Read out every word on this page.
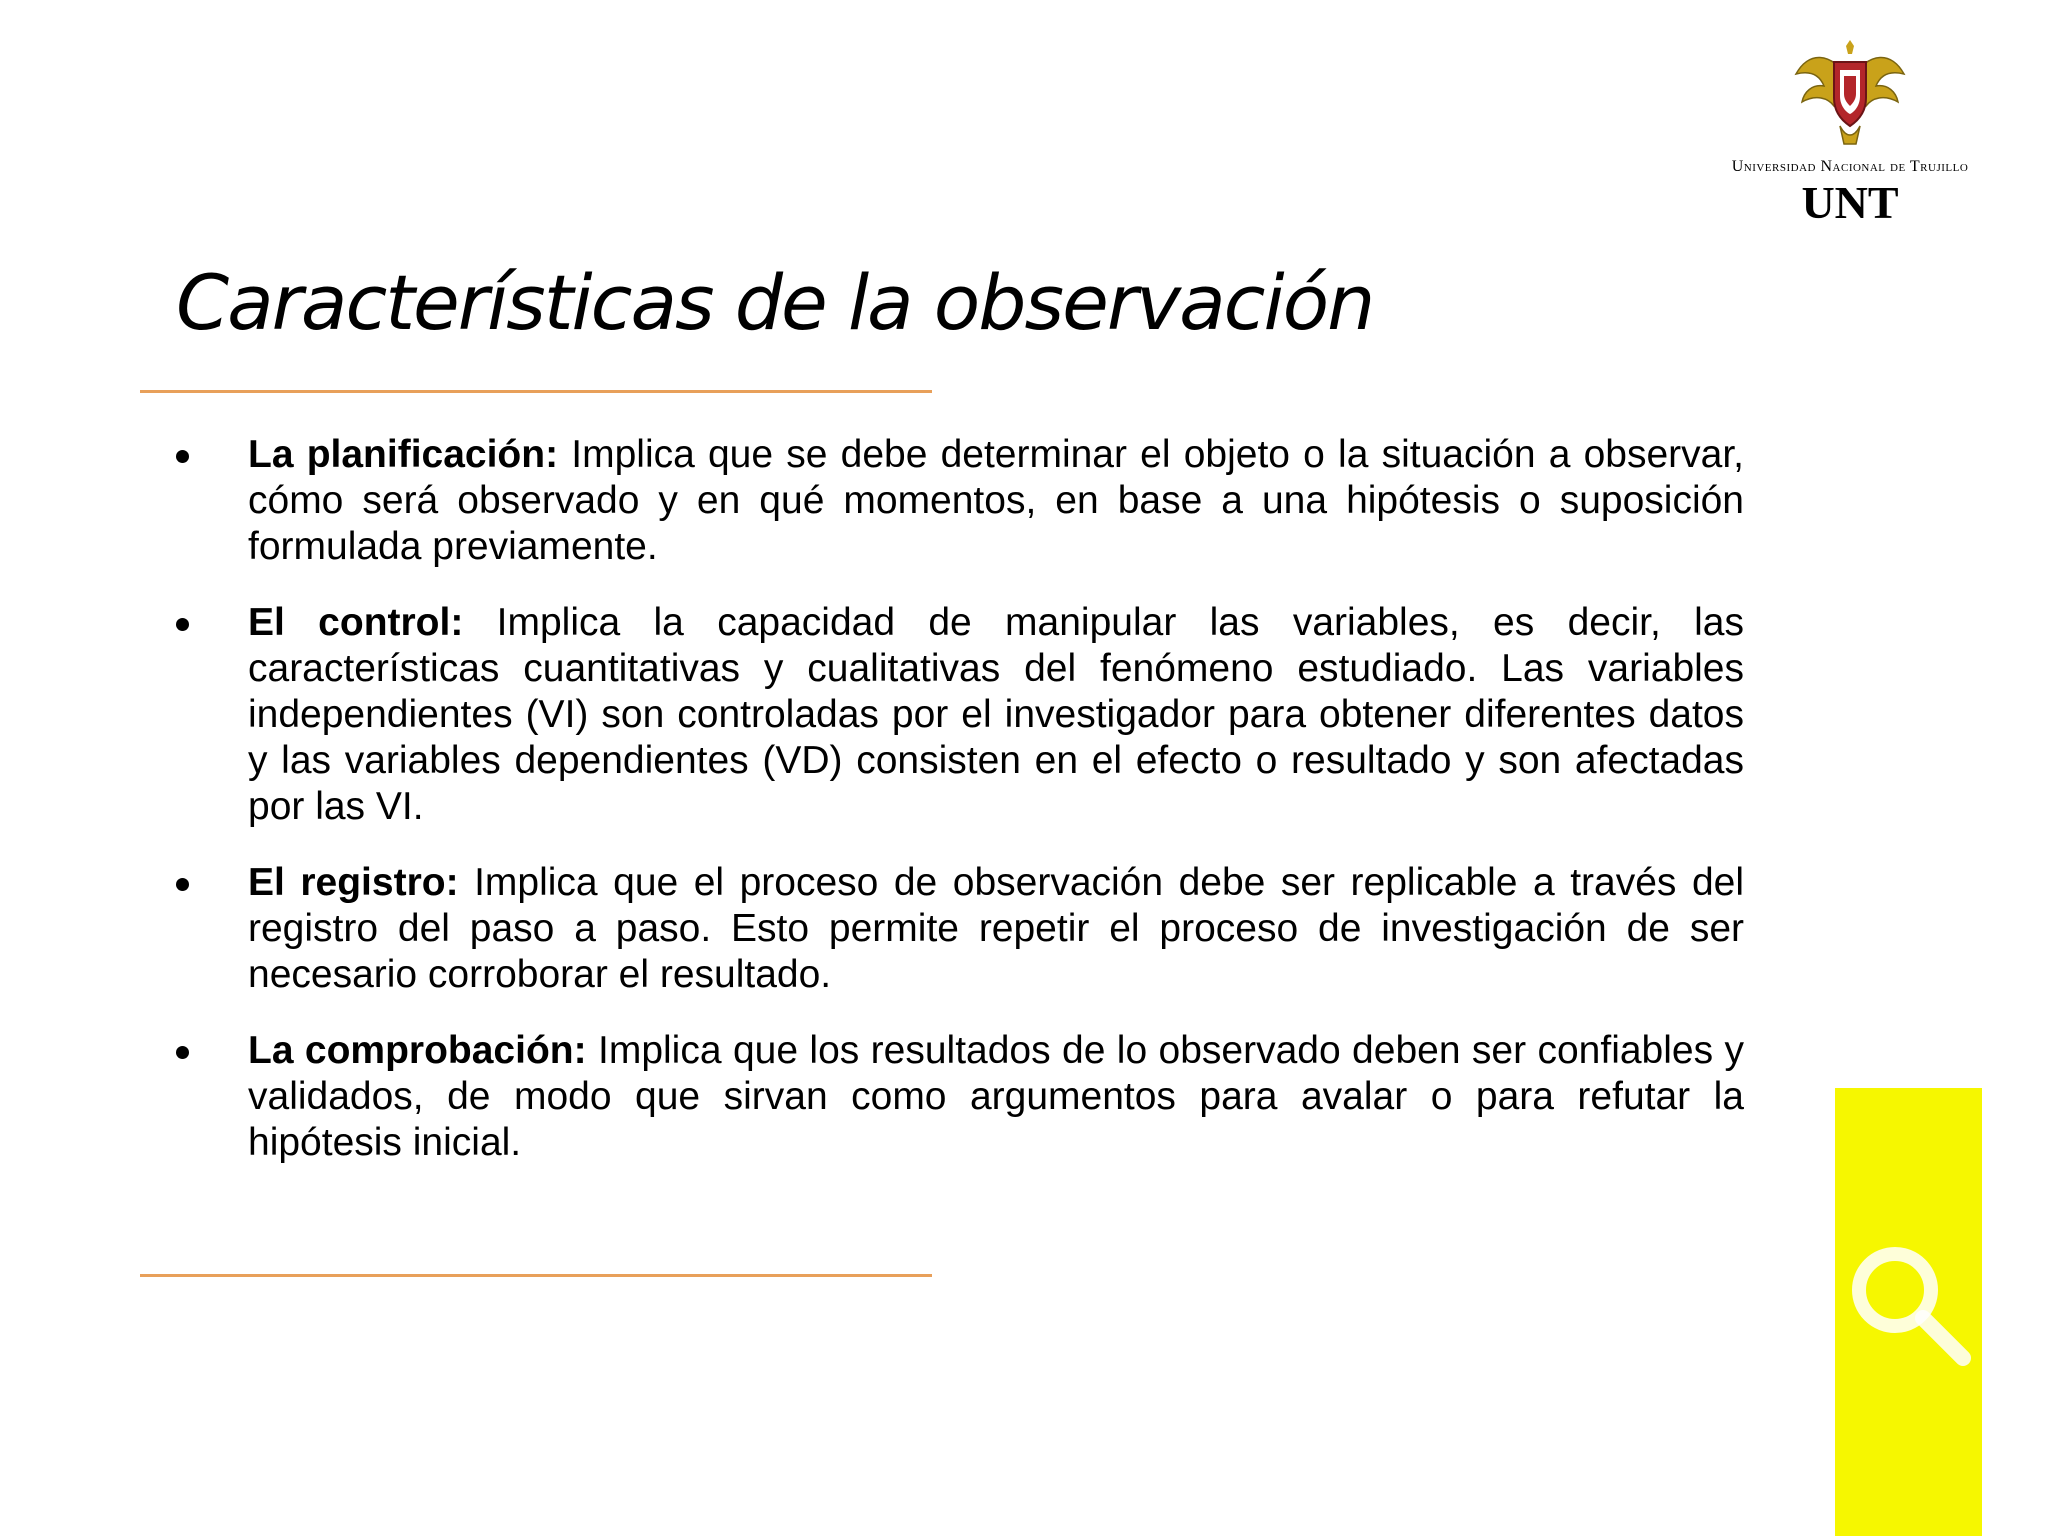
Universidad Nacional de Trujillo
UNT
Características de la observación
La planificación: Implica que se debe determinar el objeto o la situación a observar, cómo será observado y en qué momentos, en base a una hipótesis o suposición formulada previamente.
El control: Implica la capacidad de manipular las variables, es decir, las características cuantitativas y cualitativas del fenómeno estudiado. Las variables independientes (VI) son controladas por el investigador para obtener diferentes datos y las variables dependientes (VD) consisten en el efecto o resultado y son afectadas por las VI.
El registro: Implica que el proceso de observación debe ser replicable a través del registro del paso a paso. Esto permite repetir el proceso de investigación de ser necesario corroborar el resultado.
La comprobación: Implica que los resultados de lo observado deben ser confiables y validados, de modo que sirvan como argumentos para avalar o para refutar la hipótesis inicial.
